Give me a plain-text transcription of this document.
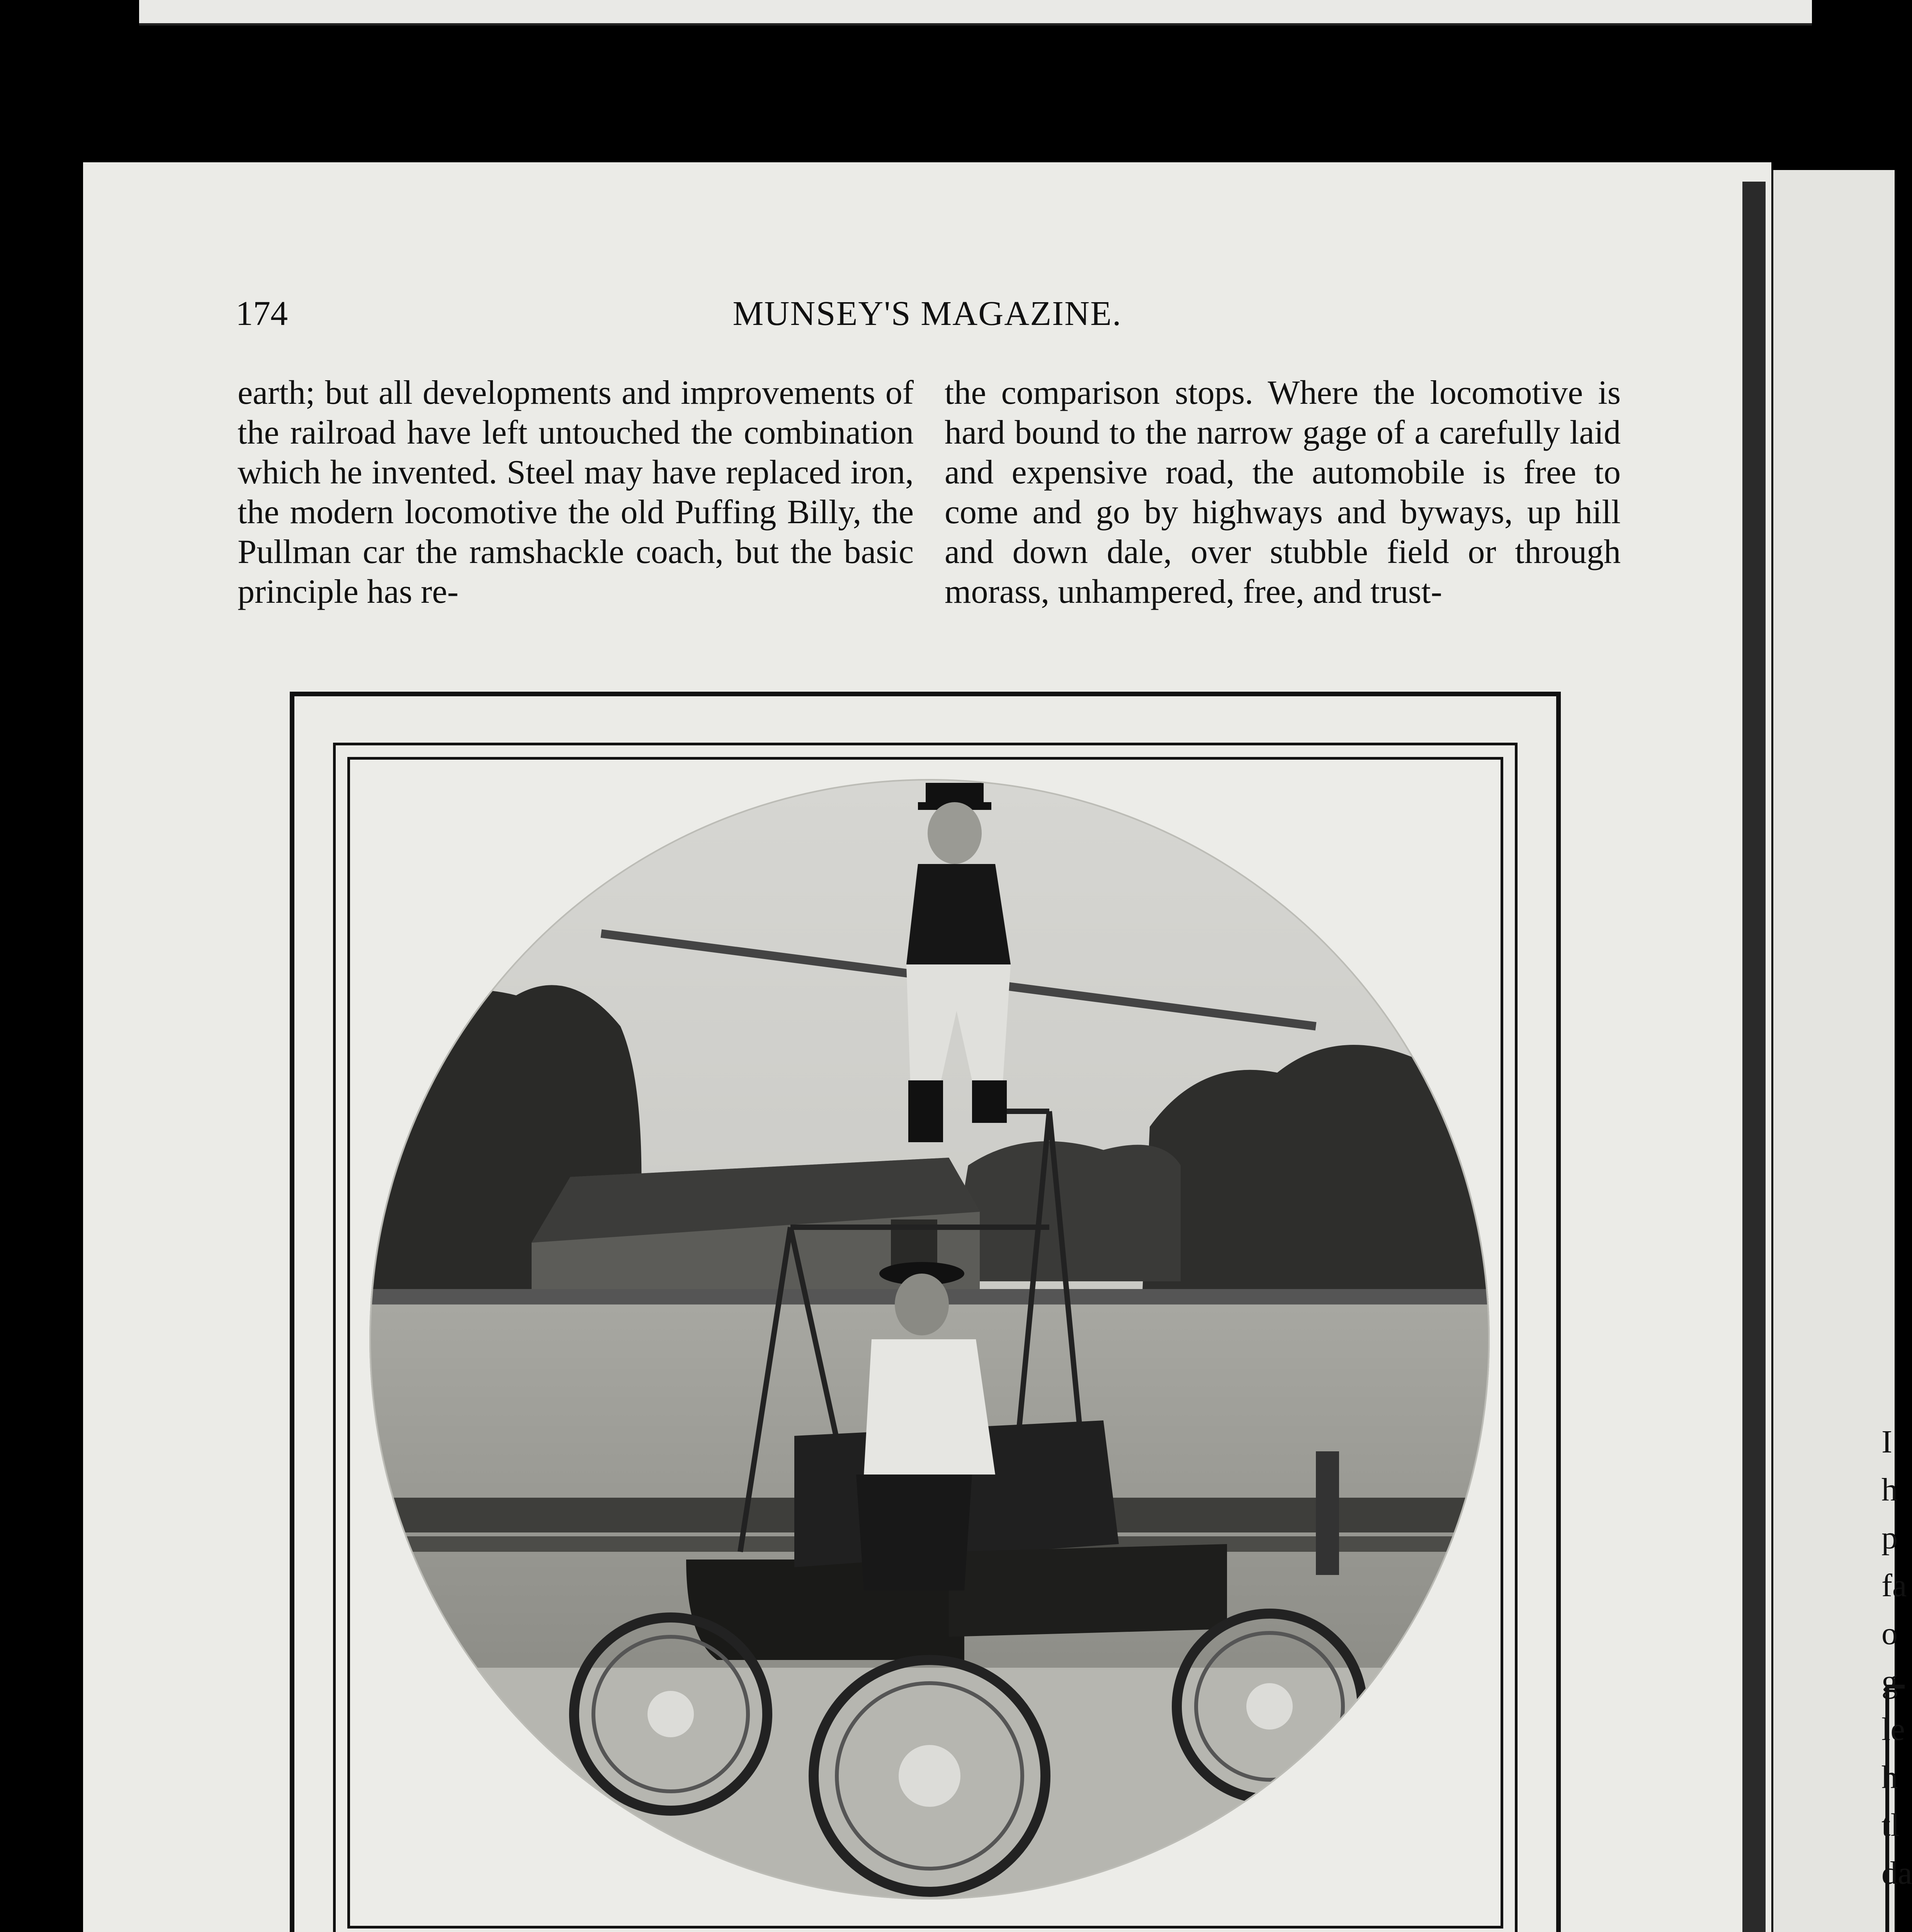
I
h
p
fa
o
g
le
h
tl
da
174	MUNSEY'S MAGAZINE.

earth; but all developments and improvements of the railroad have left untouched the combination which he invented. Steel may have replaced iron, the modern locomotive the old Puffing Billy, the Pullman car the ramshackle coach, but the basic principle has re-

the comparison stops. Where the locomotive is hard bound to the narrow gage of a carefully laid and expensive road, the automobile is free to come and go by highways and byways, up hill and down dale, over stubble field or through morass, unhampered, free, and trust-
